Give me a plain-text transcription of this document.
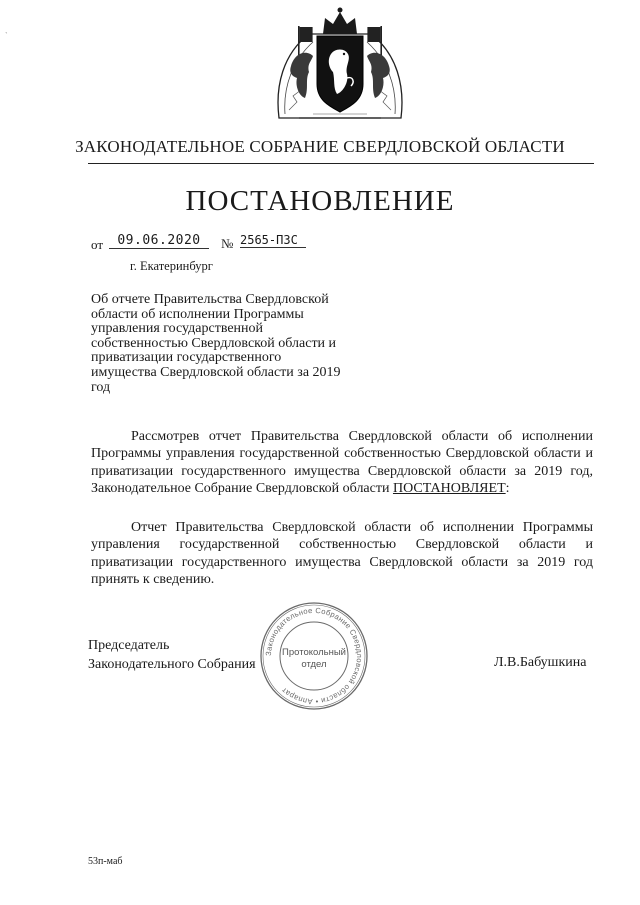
`
ЗАКОНОДАТЕЛЬНОЕ СОБРАНИЕ СВЕРДЛОВСКОЙ ОБЛАСТИ
ПОСТАНОВЛЕНИЕ
от	09.06.2020	№ 2565-ПЗС
г. Екатеринбург
Об отчете Правительства Свердловской области об исполнении Программы управления государственной собственностью Свердловской области и приватизации государственного имущества Свердловской области за 2019 год
Рассмотрев отчет Правительства Свердловской области об исполнении Программы управления государственной собственностью Свердловской области и приватизации государственного имущества Свердловской области за 2019 год, Законодательное Собрание Свердловской области ПОСТАНОВЛЯЕТ:
Отчет Правительства Свердловской области об исполнении Программы управления государственной собственностью Свердловской области и приватизации государственного имущества Свердловской области за 2019 год принять к сведению.
Председатель
Законодательного Собрания	Л.В.Бабушкина
Законодательное Собрание Свердловской области • Аппарат
Протокольный
отдел
53п-маб
